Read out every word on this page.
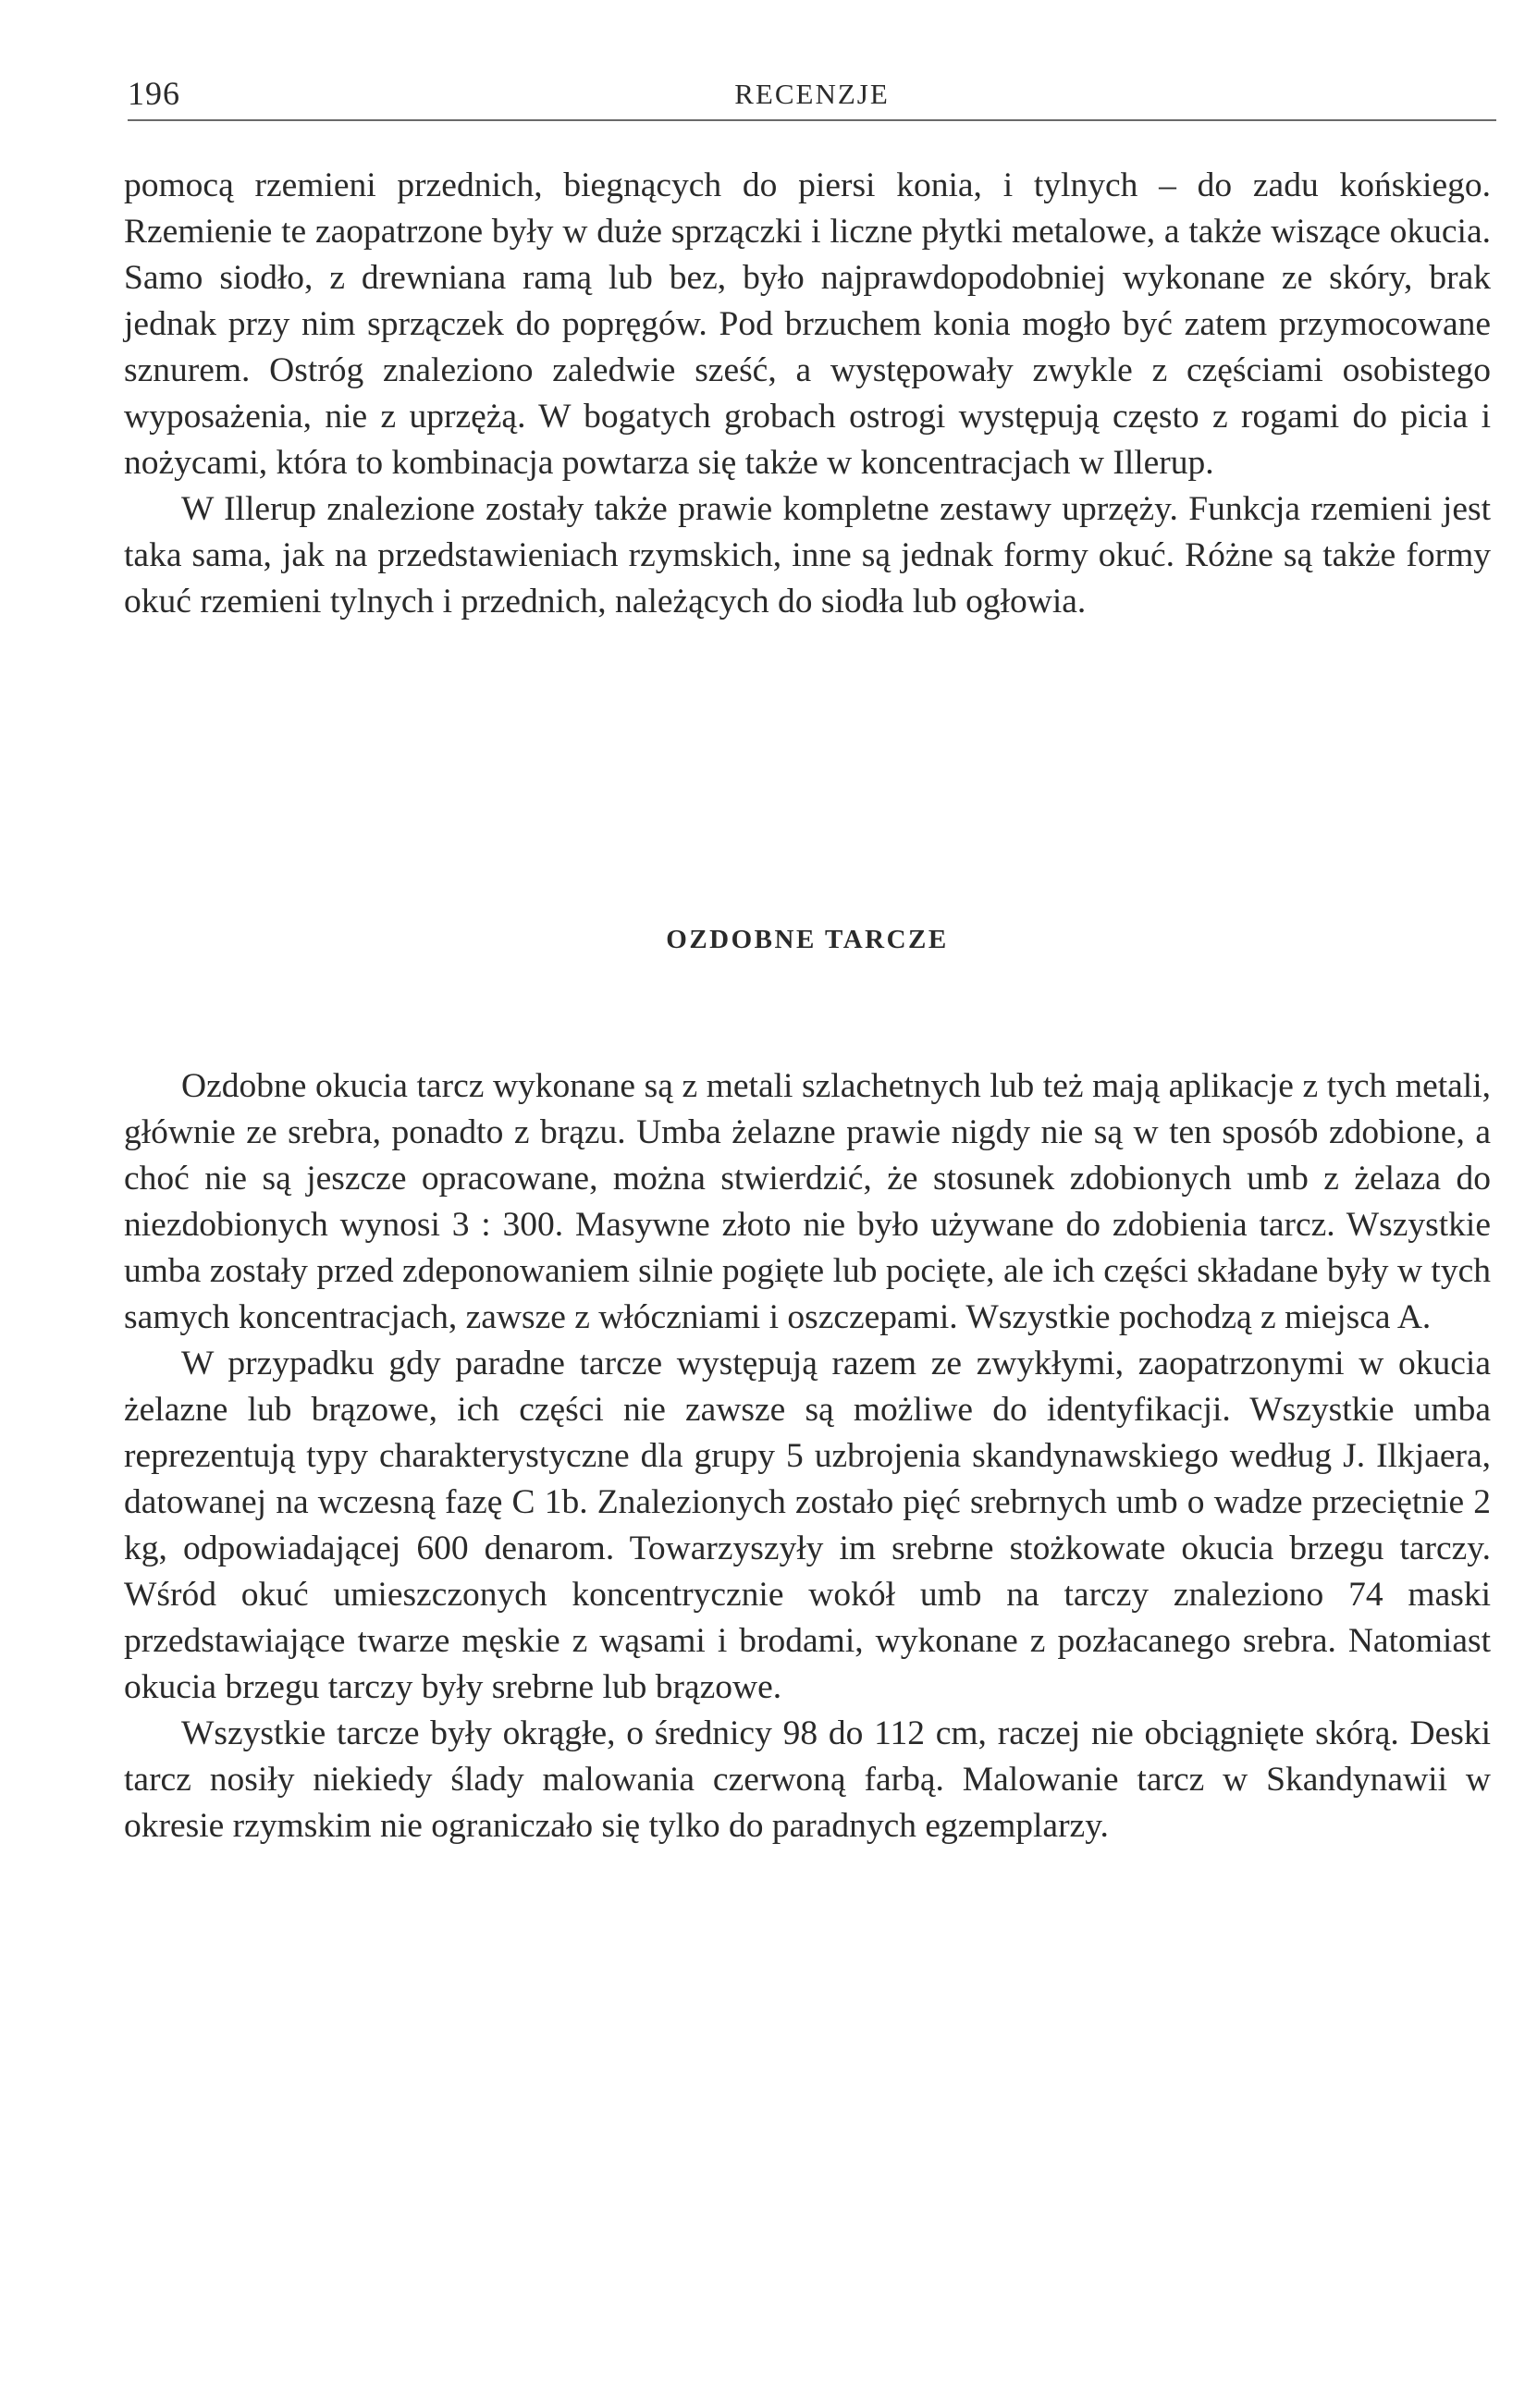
196	RECENZJE

pomocą rzemieni przednich, biegnących do piersi konia, i tylnych – do zadu końskiego. Rzemienie te zaopatrzone były w duże sprzączki i liczne płytki metalowe, a także wiszące okucia. Samo siodło, z drewniana ramą lub bez, było najprawdopodobniej wykonane ze skóry, brak jednak przy nim sprzączek do popręgów. Pod brzuchem konia mogło być zatem przymocowane sznurem. Ostróg znaleziono zaledwie sześć, a występowały zwykle z częściami osobistego wyposażenia, nie z uprzężą. W bogatych grobach ostrogi występują często z rogami do picia i nożycami, która to kombinacja powtarza się także w koncentracjach w Illerup.

W Illerup znalezione zostały także prawie kompletne zestawy uprzęży. Funkcja rzemieni jest taka sama, jak na przedstawieniach rzymskich, inne są jednak formy okuć. Różne są także formy okuć rzemieni tylnych i przednich, należących do siodła lub ogłowia.

OZDOBNE TARCZE

Ozdobne okucia tarcz wykonane są z metali szlachetnych lub też mają aplikacje z tych metali, głównie ze srebra, ponadto z brązu. Umba żelazne prawie nigdy nie są w ten sposób zdobione, a choć nie są jeszcze opracowane, można stwierdzić, że stosunek zdobionych umb z żelaza do niezdobionych wynosi 3 : 300. Masywne złoto nie było używane do zdobienia tarcz. Wszystkie umba zostały przed zdeponowaniem silnie pogięte lub pocięte, ale ich części składane były w tych samych koncentracjach, zawsze z włóczniami i oszczepami. Wszystkie pochodzą z miejsca A.

W przypadku gdy paradne tarcze występują razem ze zwykłymi, zaopatrzonymi w okucia żelazne lub brązowe, ich części nie zawsze są możliwe do identyfikacji. Wszystkie umba reprezentują typy charakterystyczne dla grupy 5 uzbrojenia skandynawskiego według J. Ilkjaera, datowanej na wczesną fazę C 1b. Znalezionych zostało pięć srebrnych umb o wadze przeciętnie 2 kg, odpowiadającej 600 denarom. Towarzyszyły im srebrne stożkowate okucia brzegu tarczy. Wśród okuć umieszczonych koncentrycznie wokół umb na tarczy znaleziono 74 maski przedstawiające twarze męskie z wąsami i brodami, wykonane z pozłacanego srebra. Natomiast okucia brzegu tarczy były srebrne lub brązowe.

Wszystkie tarcze były okrągłe, o średnicy 98 do 112 cm, raczej nie obciągnięte skórą. Deski tarcz nosiły niekiedy ślady malowania czerwoną farbą. Malowanie tarcz w Skandynawii w okresie rzymskim nie ograniczało się tylko do paradnych egzemplarzy.
